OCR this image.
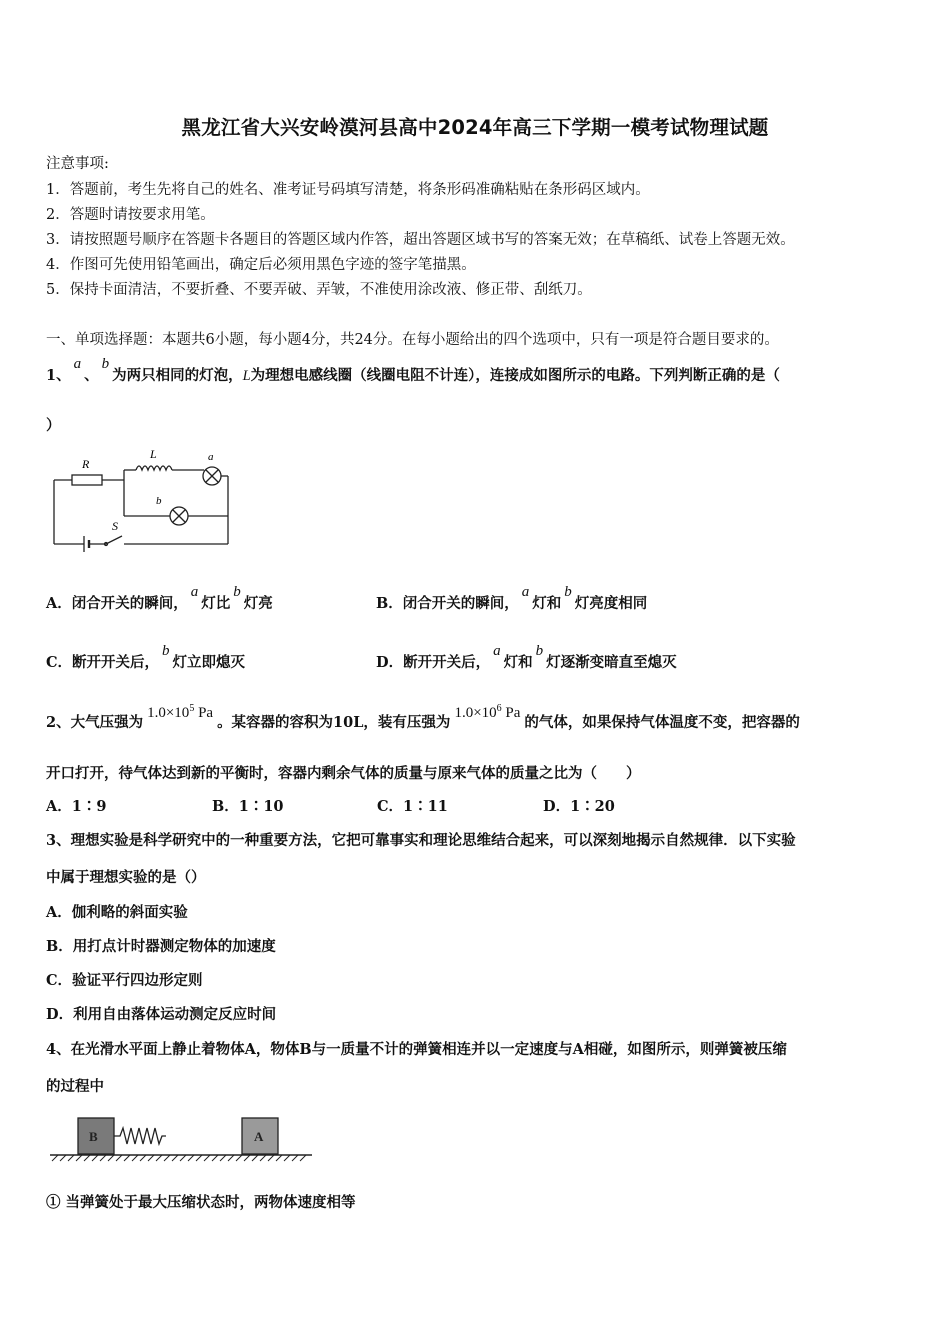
黑龙江省大兴安岭漠河县高中2024年高三下学期一模考试物理试题
注意事项:
1．答题前，考生先将自己的姓名、准考证号码填写清楚，将条形码准确粘贴在条形码区域内。
2．答题时请按要求用笔。
3．请按照题号顺序在答题卡各题目的答题区域内作答，超出答题区域书写的答案无效；在草稿纸、试卷上答题无效。
4．作图可先使用铅笔画出，确定后必须用黑色字迹的签字笔描黑。
5．保持卡面清洁，不要折叠、不要弄破、弄皱，不准使用涂改液、修正带、刮纸刀。
一、单项选择题：本题共6小题，每小题4分，共24分。在每小题给出的四个选项中，只有一项是符合题目要求的。
1、a、b为两只相同的灯泡，L为理想电感线圈（线圈电阻不计连），连接成如图所示的电路。下列判断正确的是（
）
R
L	a
b
S
A．闭合开关的瞬间，a灯比b灯亮	B．闭合开关的瞬间，a灯和b灯亮度相同
C．断开开关后，b灯立即熄灭	D．断开开关后，a灯和b灯逐渐变暗直至熄灭
2、大气压强为$1.0\times 10^5$ Pa。某容器的容积为10L，装有压强为$1.0\times 10^6$ Pa的气体，如果保持气体温度不变，把容器的
开口打开，待气体达到新的平衡时，容器内剩余气体的质量与原来气体的质量之比为（　　）
A．1∶9	B．1∶10	C．1∶11	D．1∶20
3、理想实验是科学研究中的一种重要方法，它把可靠事实和理论思维结合起来，可以深刻地揭示自然规律．以下实验
中属于理想实验的是（）
A．伽利略的斜面实验
B．用打点计时器测定物体的加速度
C．验证平行四边形定则
D．利用自由落体运动测定反应时间
4、在光滑水平面上静止着物体A，物体B与一质量不计的弹簧相连并以一定速度与A相碰，如图所示，则弹簧被压缩
的过程中
B	A
① 当弹簧处于最大压缩状态时，两物体速度相等
